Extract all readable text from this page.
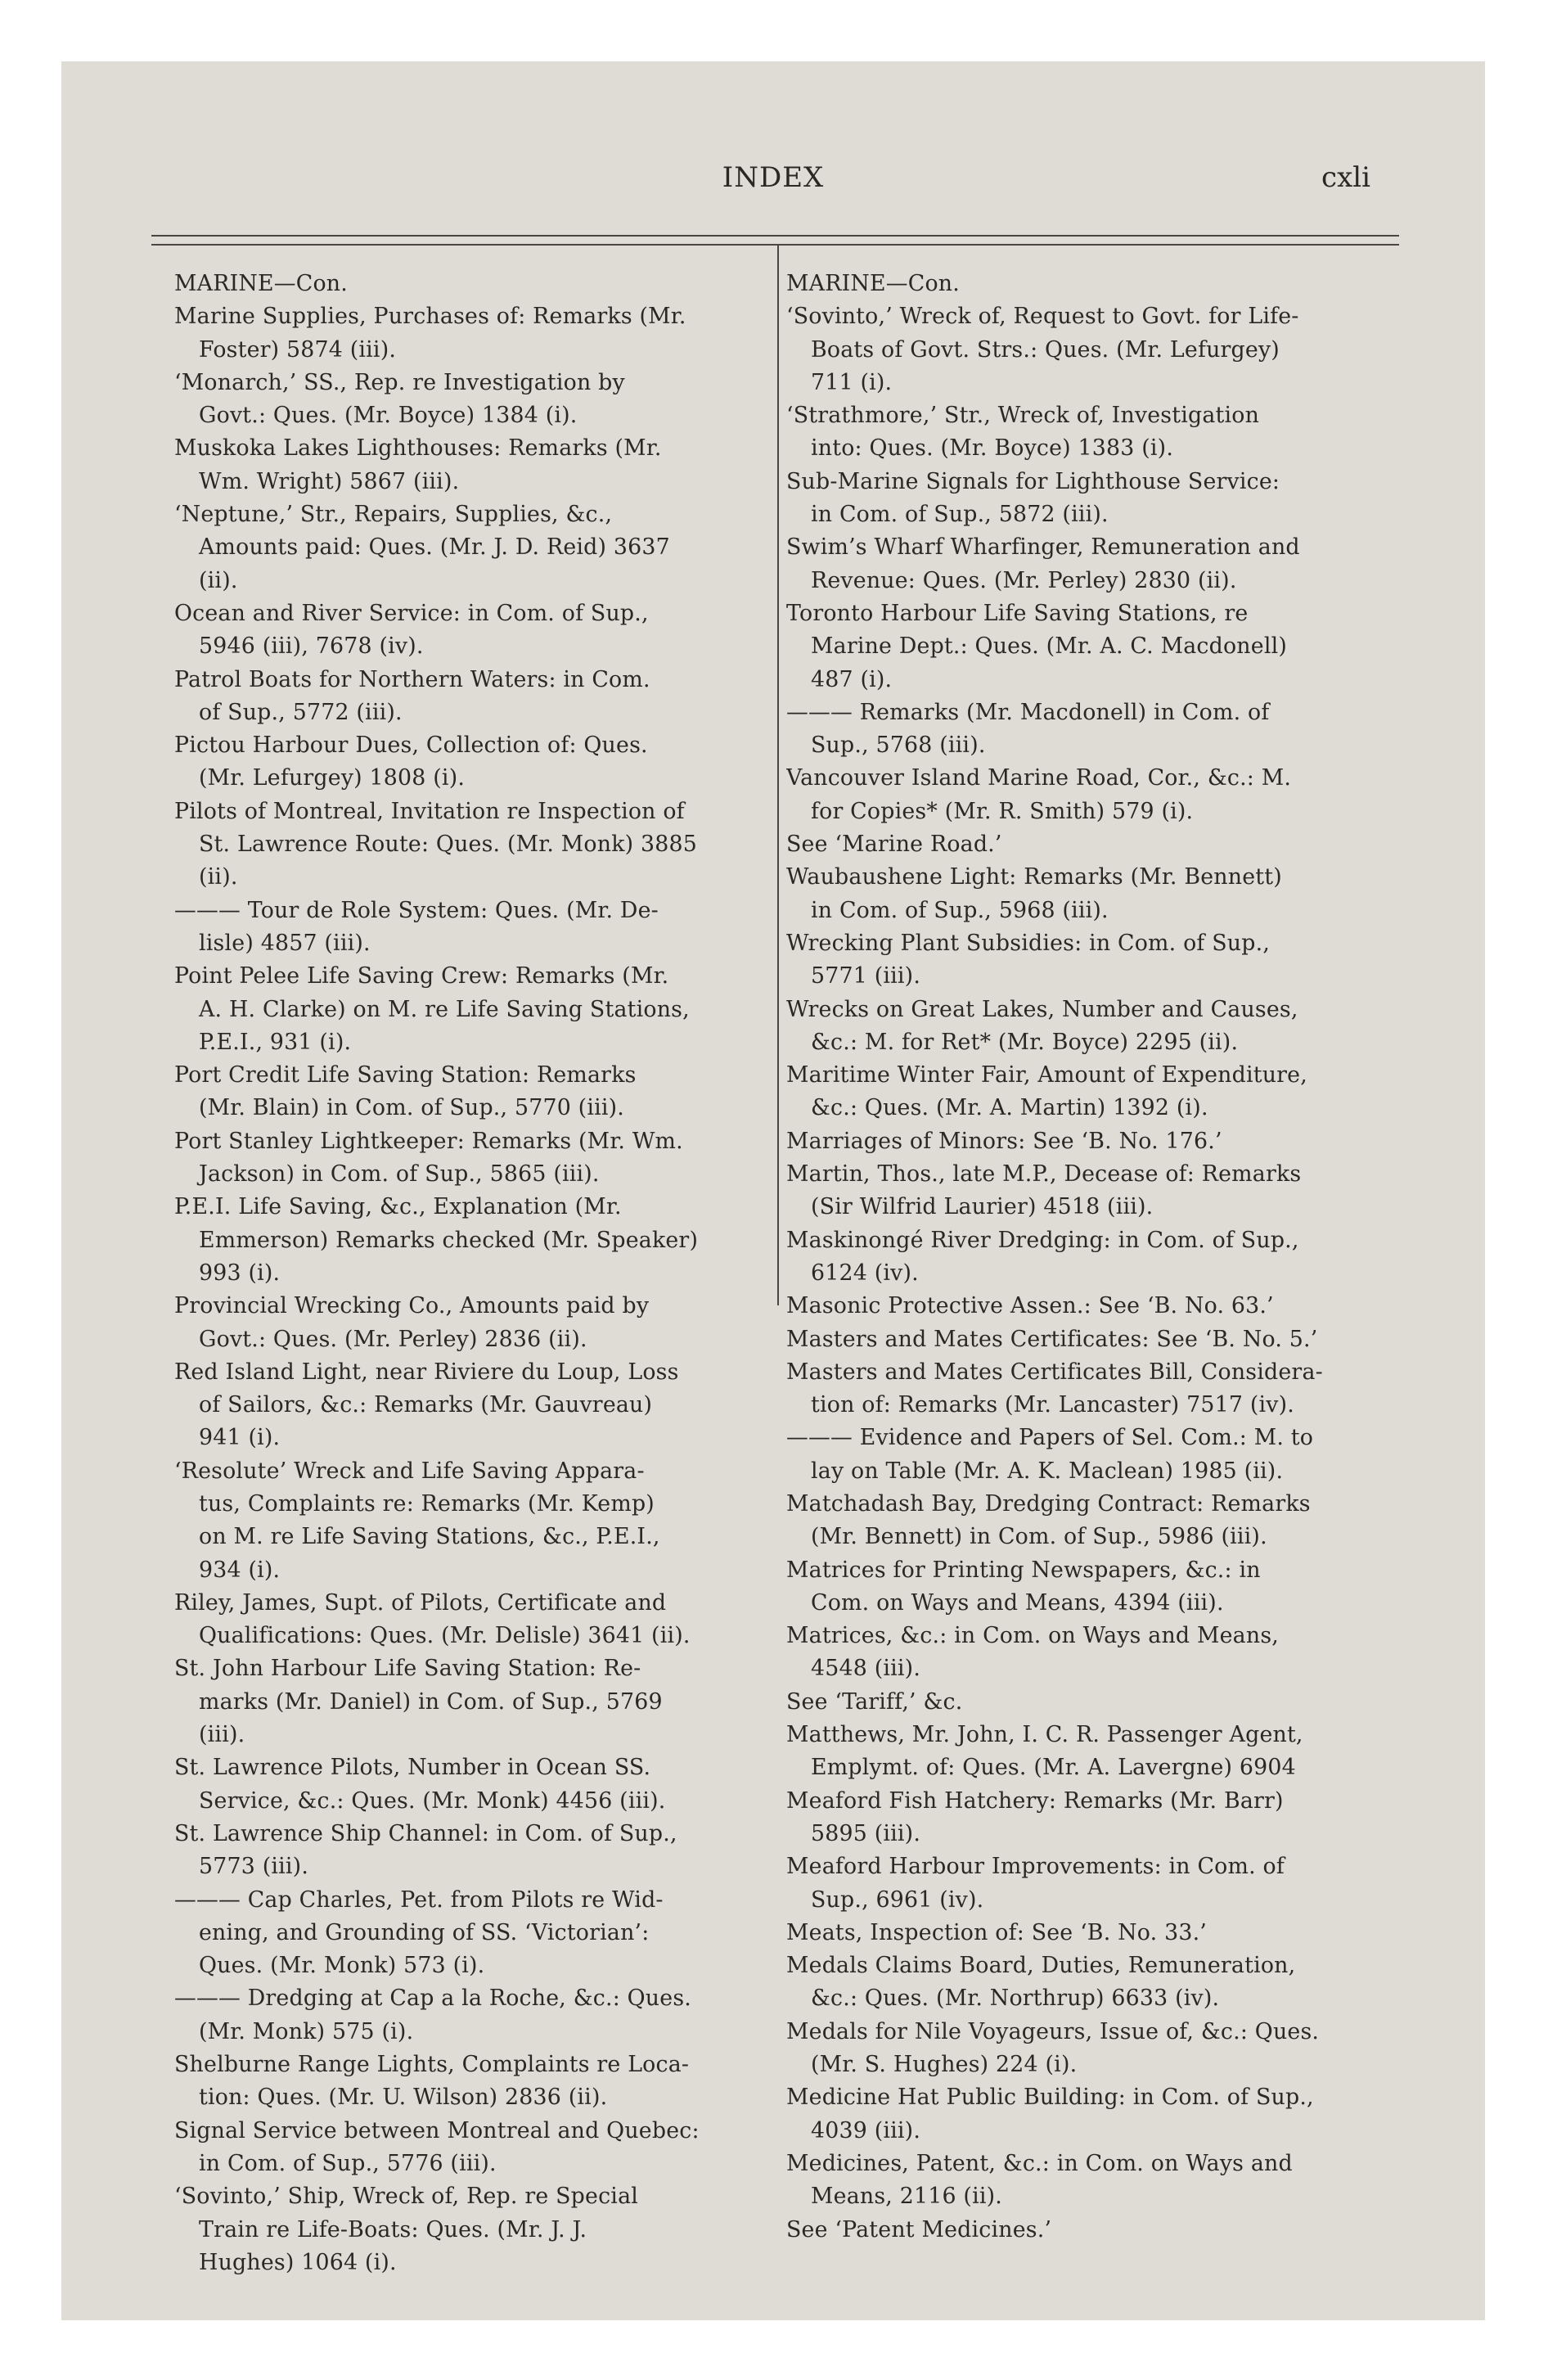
INDEX	cxli
MARINE—Con.
Marine Supplies, Purchases of: Remarks (Mr.
Foster) 5874 (iii).
‘Monarch,’ SS., Rep. re Investigation by
Govt.: Ques. (Mr. Boyce) 1384 (i).
Muskoka Lakes Lighthouses: Remarks (Mr.
Wm. Wright) 5867 (iii).
‘Neptune,’ Str., Repairs, Supplies, &c.,
Amounts paid: Ques. (Mr. J. D. Reid) 3637
(ii).
Ocean and River Service: in Com. of Sup.,
5946 (iii), 7678 (iv).
Patrol Boats for Northern Waters: in Com.
of Sup., 5772 (iii).
Pictou Harbour Dues, Collection of: Ques.
(Mr. Lefurgey) 1808 (i).
Pilots of Montreal, Invitation re Inspection of
St. Lawrence Route: Ques. (Mr. Monk) 3885
(ii).
——— Tour de Role System: Ques. (Mr. De-
lisle) 4857 (iii).
Point Pelee Life Saving Crew: Remarks (Mr.
A. H. Clarke) on M. re Life Saving Stations,
P.E.I., 931 (i).
Port Credit Life Saving Station: Remarks
(Mr. Blain) in Com. of Sup., 5770 (iii).
Port Stanley Lightkeeper: Remarks (Mr. Wm.
Jackson) in Com. of Sup., 5865 (iii).
P.E.I. Life Saving, &c., Explanation (Mr.
Emmerson) Remarks checked (Mr. Speaker)
993 (i).
Provincial Wrecking Co., Amounts paid by
Govt.: Ques. (Mr. Perley) 2836 (ii).
Red Island Light, near Riviere du Loup, Loss
of Sailors, &c.: Remarks (Mr. Gauvreau)
941 (i).
‘Resolute’ Wreck and Life Saving Appara-
tus, Complaints re: Remarks (Mr. Kemp)
on M. re Life Saving Stations, &c., P.E.I.,
934 (i).
Riley, James, Supt. of Pilots, Certificate and
Qualifications: Ques. (Mr. Delisle) 3641 (ii).
St. John Harbour Life Saving Station: Re-
marks (Mr. Daniel) in Com. of Sup., 5769
(iii).
St. Lawrence Pilots, Number in Ocean SS.
Service, &c.: Ques. (Mr. Monk) 4456 (iii).
St. Lawrence Ship Channel: in Com. of Sup.,
5773 (iii).
——— Cap Charles, Pet. from Pilots re Wid-
ening, and Grounding of SS. ‘Victorian’:
Ques. (Mr. Monk) 573 (i).
——— Dredging at Cap a la Roche, &c.: Ques.
(Mr. Monk) 575 (i).
Shelburne Range Lights, Complaints re Loca-
tion: Ques. (Mr. U. Wilson) 2836 (ii).
Signal Service between Montreal and Quebec:
in Com. of Sup., 5776 (iii).
‘Sovinto,’ Ship, Wreck of, Rep. re Special
Train re Life-Boats: Ques. (Mr. J. J.
Hughes) 1064 (i).
MARINE—Con.
‘Sovinto,’ Wreck of, Request to Govt. for Life-
Boats of Govt. Strs.: Ques. (Mr. Lefurgey)
711 (i).
‘Strathmore,’ Str., Wreck of, Investigation
into: Ques. (Mr. Boyce) 1383 (i).
Sub-Marine Signals for Lighthouse Service:
in Com. of Sup., 5872 (iii).
Swim’s Wharf Wharfinger, Remuneration and
Revenue: Ques. (Mr. Perley) 2830 (ii).
Toronto Harbour Life Saving Stations, re
Marine Dept.: Ques. (Mr. A. C. Macdonell)
487 (i).
——— Remarks (Mr. Macdonell) in Com. of
Sup., 5768 (iii).
Vancouver Island Marine Road, Cor., &c.: M.
for Copies* (Mr. R. Smith) 579 (i).
See ‘Marine Road.’
Waubaushene Light: Remarks (Mr. Bennett)
in Com. of Sup., 5968 (iii).
Wrecking Plant Subsidies: in Com. of Sup.,
5771 (iii).
Wrecks on Great Lakes, Number and Causes,
&c.: M. for Ret* (Mr. Boyce) 2295 (ii).
Maritime Winter Fair, Amount of Expenditure,
&c.: Ques. (Mr. A. Martin) 1392 (i).
Marriages of Minors: See ‘B. No. 176.’
Martin, Thos., late M.P., Decease of: Remarks
(Sir Wilfrid Laurier) 4518 (iii).
Maskinongé River Dredging: in Com. of Sup.,
6124 (iv).
Masonic Protective Assen.: See ‘B. No. 63.’
Masters and Mates Certificates: See ‘B. No. 5.’
Masters and Mates Certificates Bill, Considera-
tion of: Remarks (Mr. Lancaster) 7517 (iv).
——— Evidence and Papers of Sel. Com.: M. to
lay on Table (Mr. A. K. Maclean) 1985 (ii).
Matchadash Bay, Dredging Contract: Remarks
(Mr. Bennett) in Com. of Sup., 5986 (iii).
Matrices for Printing Newspapers, &c.: in
Com. on Ways and Means, 4394 (iii).
Matrices, &c.: in Com. on Ways and Means,
4548 (iii).
See ‘Tariff,’ &c.
Matthews, Mr. John, I. C. R. Passenger Agent,
Emplymt. of: Ques. (Mr. A. Lavergne) 6904
Meaford Fish Hatchery: Remarks (Mr. Barr)
5895 (iii).
Meaford Harbour Improvements: in Com. of
Sup., 6961 (iv).
Meats, Inspection of: See ‘B. No. 33.’
Medals Claims Board, Duties, Remuneration,
&c.: Ques. (Mr. Northrup) 6633 (iv).
Medals for Nile Voyageurs, Issue of, &c.: Ques.
(Mr. S. Hughes) 224 (i).
Medicine Hat Public Building: in Com. of Sup.,
4039 (iii).
Medicines, Patent, &c.: in Com. on Ways and
Means, 2116 (ii).
See ‘Patent Medicines.’
